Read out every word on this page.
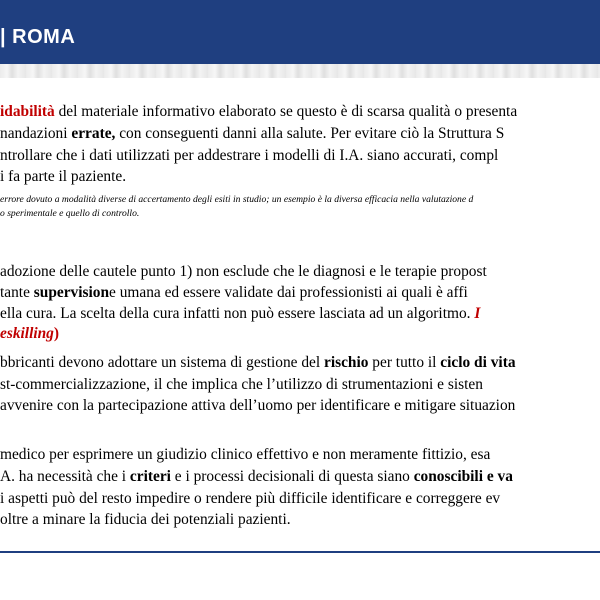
| ROMA
idabilità del materiale informativo elaborato se questo è di scarsa qualità o presenta
nandazioni errate, con conseguenti danni alla salute. Per evitare ciò la Struttura S
ntrollare che i dati utilizzati per addestrare i modelli di I.A. siano accurati, compl
i fa parte il paziente.
errore dovuto a modalità diverse di accertamento degli esiti in studio; un esempio è la diversa efficacia nella valutazione d
o sperimentale e quello di controllo.
adozione delle cautele punto 1) non esclude che le diagnosi e le terapie propost
tante supervisione umana ed essere validate dai professionisti ai quali è affi
ella cura. La scelta della cura infatti non può essere lasciata ad un algoritmo. I
eskilling)
bbricanti devono adottare un sistema di gestione del rischio per tutto il ciclo di vita
st-commercializzazione, il che implica che l’utilizzo di strumentazioni e sisten
avvenire con la partecipazione attiva dell’uomo per identificare e mitigare situazion
medico per esprimere un giudizio clinico effettivo e non meramente fittizio, esa
A. ha necessità che i criteri e i processi decisionali di questa siano conoscibili e va
i aspetti può del resto impedire o rendere più difficile identificare e correggere ev
oltre a minare la fiducia dei potenziali pazienti.
